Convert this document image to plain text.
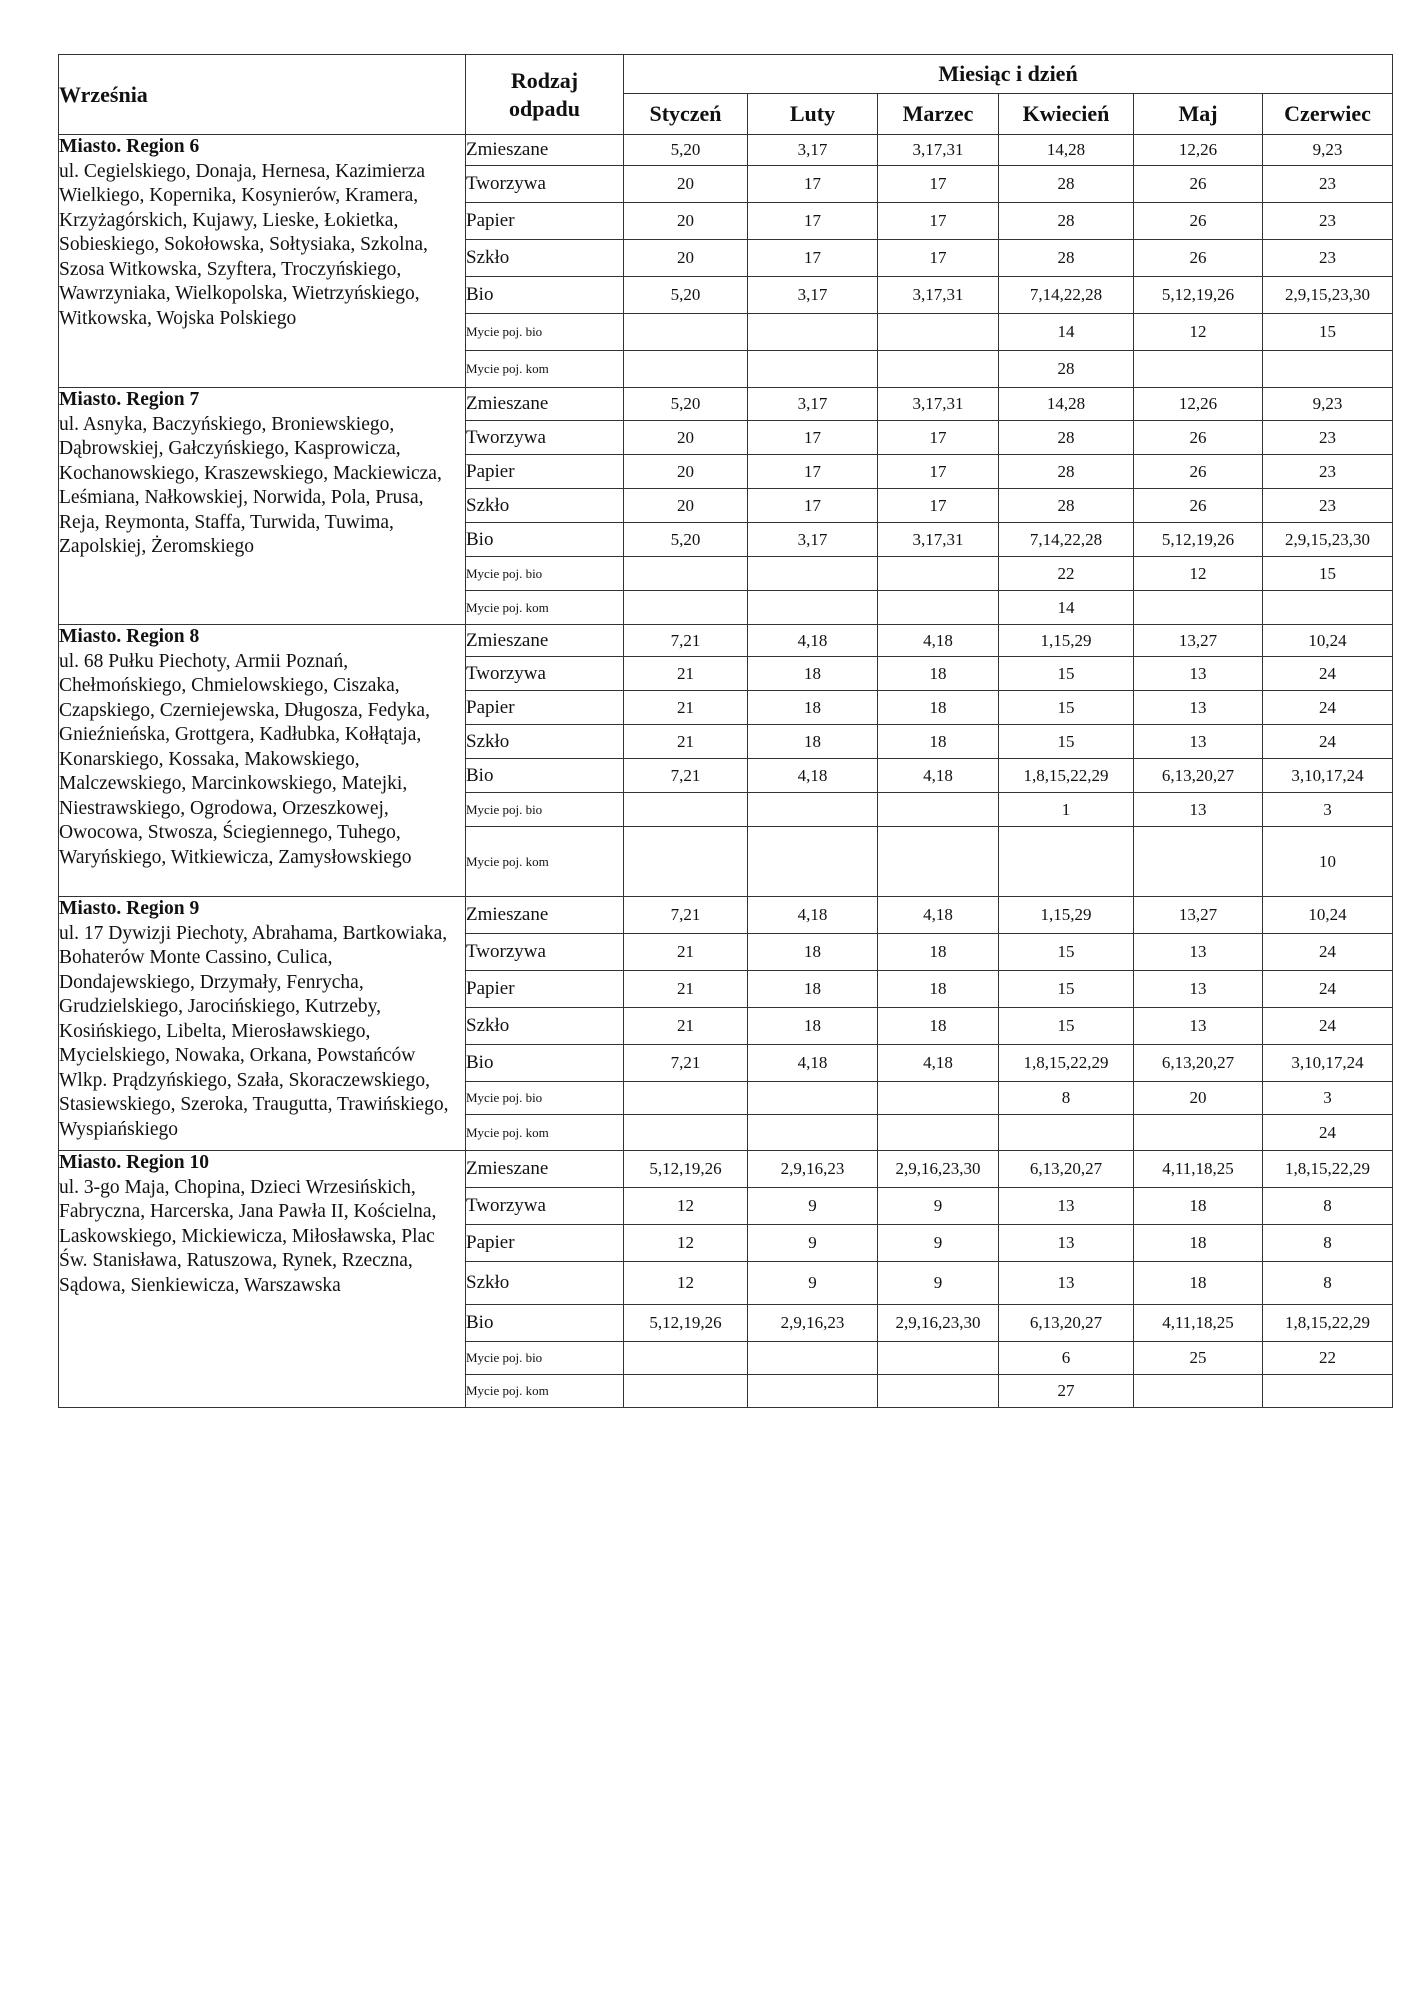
Września	Rodzaj
odpadu	Miesiąc i dzień					
		Styczeń	Luty	Marzec	Kwiecień	Maj	Czerwiec

Miasto. Region 6
ul. Cegielskiego, Donaja, Hernesa, Kazimierza Wielkiego, Kopernika, Kosynierów, Kramera, Krzyżagórskich, Kujawy, Lieske, Łokietka, Sobieskiego, Sokołowska, Sołtysiaka, Szkolna, Szosa Witkowska, Szyftera, Troczyńskiego, Wawrzyniaka, Wielkopolska, Wietrzyńskiego, Witkowska, Wojska Polskiego	Zmieszane	5,20	3,17	3,17,31	14,28	12,26	9,23
	Tworzywa	20	17	17	28	26	23
	Papier	20	17	17	28	26	23
	Szkło	20	17	17	28	26	23
	Bio	5,20	3,17	3,17,31	7,14,22,28	5,12,19,26	2,9,15,23,30
	Mycie poj. bio				14	12	15
	Mycie poj. kom				28		

Miasto. Region 7
ul. Asnyka, Baczyńskiego, Broniewskiego, Dąbrowskiej, Gałczyńskiego, Kasprowicza, Kochanowskiego, Kraszewskiego, Mackiewicza, Leśmiana, Nałkowskiej, Norwida, Pola, Prusa, Reja, Reymonta, Staffa, Turwida, Tuwima, Zapolskiej, Żeromskiego	Zmieszane	5,20	3,17	3,17,31	14,28	12,26	9,23
	Tworzywa	20	17	17	28	26	23
	Papier	20	17	17	28	26	23
	Szkło	20	17	17	28	26	23
	Bio	5,20	3,17	3,17,31	7,14,22,28	5,12,19,26	2,9,15,23,30
	Mycie poj. bio				22	12	15
	Mycie poj. kom				14		

Miasto. Region 8
ul. 68 Pułku Piechoty, Armii Poznań, Chełmońskiego, Chmielowskiego, Ciszaka, Czapskiego, Czerniejewska, Długosza, Fedyka, Gnieźnieńska, Grottgera, Kadłubka, Kołłątaja, Konarskiego, Kossaka, Makowskiego, Malczewskiego, Marcinkowskiego, Matejki, Niestrawskiego, Ogrodowa, Orzeszkowej, Owocowa, Stwosza, Ściegiennego, Tuhego, Waryńskiego, Witkiewicza, Zamysłowskiego	Zmieszane	7,21	4,18	4,18	1,15,29	13,27	10,24
	Tworzywa	21	18	18	15	13	24
	Papier	21	18	18	15	13	24
	Szkło	21	18	18	15	13	24
	Bio	7,21	4,18	4,18	1,8,15,22,29	6,13,20,27	3,10,17,24
	Mycie poj. bio				1	13	3
	Mycie poj. kom						10

Miasto. Region 9
ul. 17 Dywizji Piechoty, Abrahama, Bartkowiaka, Bohaterów Monte Cassino, Culica, Dondajewskiego, Drzymały, Fenrycha, Grudzielskiego, Jarocińskiego, Kutrzeby, Kosińskiego, Libelta, Mierosławskiego, Mycielskiego, Nowaka, Orkana, Powstańców Wlkp. Prądzyńskiego, Szała, Skoraczewskiego, Stasiewskiego, Szeroka, Traugutta, Trawińskiego, Wyspiańskiego	Zmieszane	7,21	4,18	4,18	1,15,29	13,27	10,24
	Tworzywa	21	18	18	15	13	24
	Papier	21	18	18	15	13	24
	Szkło	21	18	18	15	13	24
	Bio	7,21	4,18	4,18	1,8,15,22,29	6,13,20,27	3,10,17,24
	Mycie poj. bio				8	20	3
	Mycie poj. kom						24

Miasto. Region 10
ul. 3-go Maja, Chopina, Dzieci Wrzesińskich, Fabryczna, Harcerska, Jana Pawła II, Kościelna, Laskowskiego, Mickiewicza, Miłosławska, Plac Św. Stanisława, Ratuszowa, Rynek, Rzeczna, Sądowa, Sienkiewicza, Warszawska	Zmieszane	5,12,19,26	2,9,16,23	2,9,16,23,30	6,13,20,27	4,11,18,25	1,8,15,22,29
	Tworzywa	12	9	9	13	18	8
	Papier	12	9	9	13	18	8
	Szkło	12	9	9	13	18	8
	Bio	5,12,19,26	2,9,16,23	2,9,16,23,30	6,13,20,27	4,11,18,25	1,8,15,22,29
	Mycie poj. bio				6	25	22
	Mycie poj. kom				27		
